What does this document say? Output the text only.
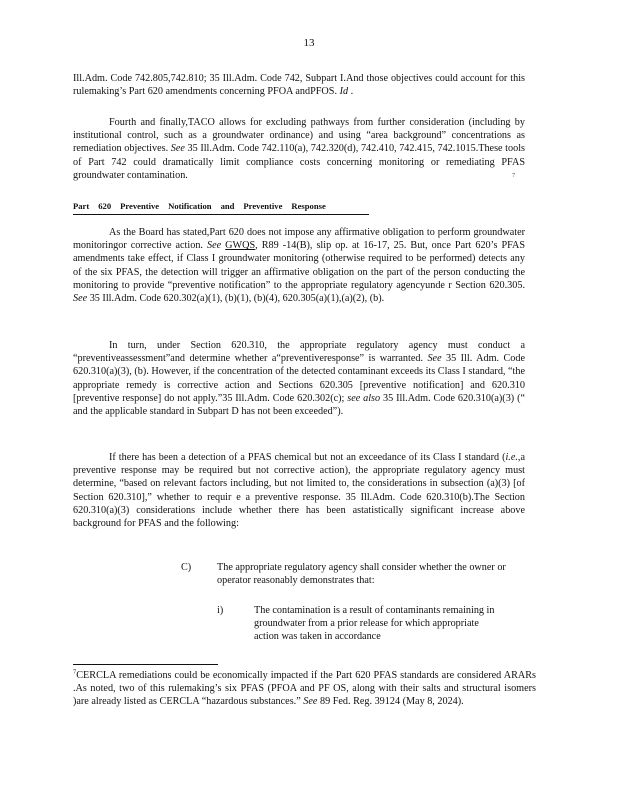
13

Ill.Adm. Code 742.805,742.810; 35 Ill.Adm. Code 742, Subpart I.And those objectives could account for this rulemaking’s Part 620 amendments concerning PFOA andPFOS. Id .

Fourth and finally,TACO allows for excluding pathways from further consideration (including by institutional control, such as a groundwater ordinance) and using “area background” concentrations as remediation objectives. See 35 Ill.Adm. Code 742.110(a), 742.320(d), 742.410, 742.415, 742.1015.These tools of Part 742 could dramatically limit compliance costs concerning monitoring or remediating PFAS groundwater contamination.	7
Part 620 Preventive Notification and Preventive Response

As the Board has stated,Part 620 does not impose any affirmative obligation to perform groundwater monitoringor corrective action. See GWQS, R89 -14(B), slip op. at 16-17, 25. But, once Part 620’s PFAS amendments take effect, if Class I groundwater monitoring (otherwise required to be performed) detects any of the six PFAS, the detection will trigger an affirmative obligation on the part of the person conducting the monitoring to provide “preventive notification” to the appropriate regulatory agencyunde r Section 620.305. See 35 Ill.Adm. Code 620.302(a)(1), (b)(1), (b)(4), 620.305(a)(1),(a)(2), (b).

In turn, under Section 620.310, the appropriate regulatory agency must conduct a “preventiveassessment”and determine whether a“preventiveresponse” is warranted. See 35 Ill. Adm. Code 620.310(a)(3), (b). However, if the concentration of the detected contaminant exceeds its Class I standard, “the appropriate remedy is corrective action and Sections 620.305 [preventive notification] and 620.310 [preventive response] do not apply.”35 Ill.Adm. Code 620.302(c); see also 35 Ill.Adm. Code 620.310(a)(3) (“ and the applicable standard in Subpart D has not been exceeded”).

If there has been a detection of a PFAS chemical but not an exceedance of its Class I standard (i.e.,a preventive response may be required but not corrective action), the appropriate regulatory agency must determine, “based on relevant factors including, but not limited to, the considerations in subsection (a)(3) [of Section 620.310],” whether to requir e a preventive response. 35 Ill.Adm. Code 620.310(b).The Section 620.310(a)(3) considerations include whether there has been astatistically significant increase above background for PFAS and the following:

C)	The appropriate regulatory agency shall consider whether the owner or operator reasonably demonstrates that:
i)	The contamination is a result of contaminants remaining in groundwater from a prior release for which appropriate action was taken in accordance
$^7$CERCLA remediations could be economically impacted if the Part 620 PFAS standards are considered ARARs .As noted, two of this rulemaking’s six PFAS (PFOA and PF OS, along with their salts and structural isomers )are already listed as CERCLA “hazardous substances.” See 89 Fed. Reg. 39124 (May 8, 2024).
